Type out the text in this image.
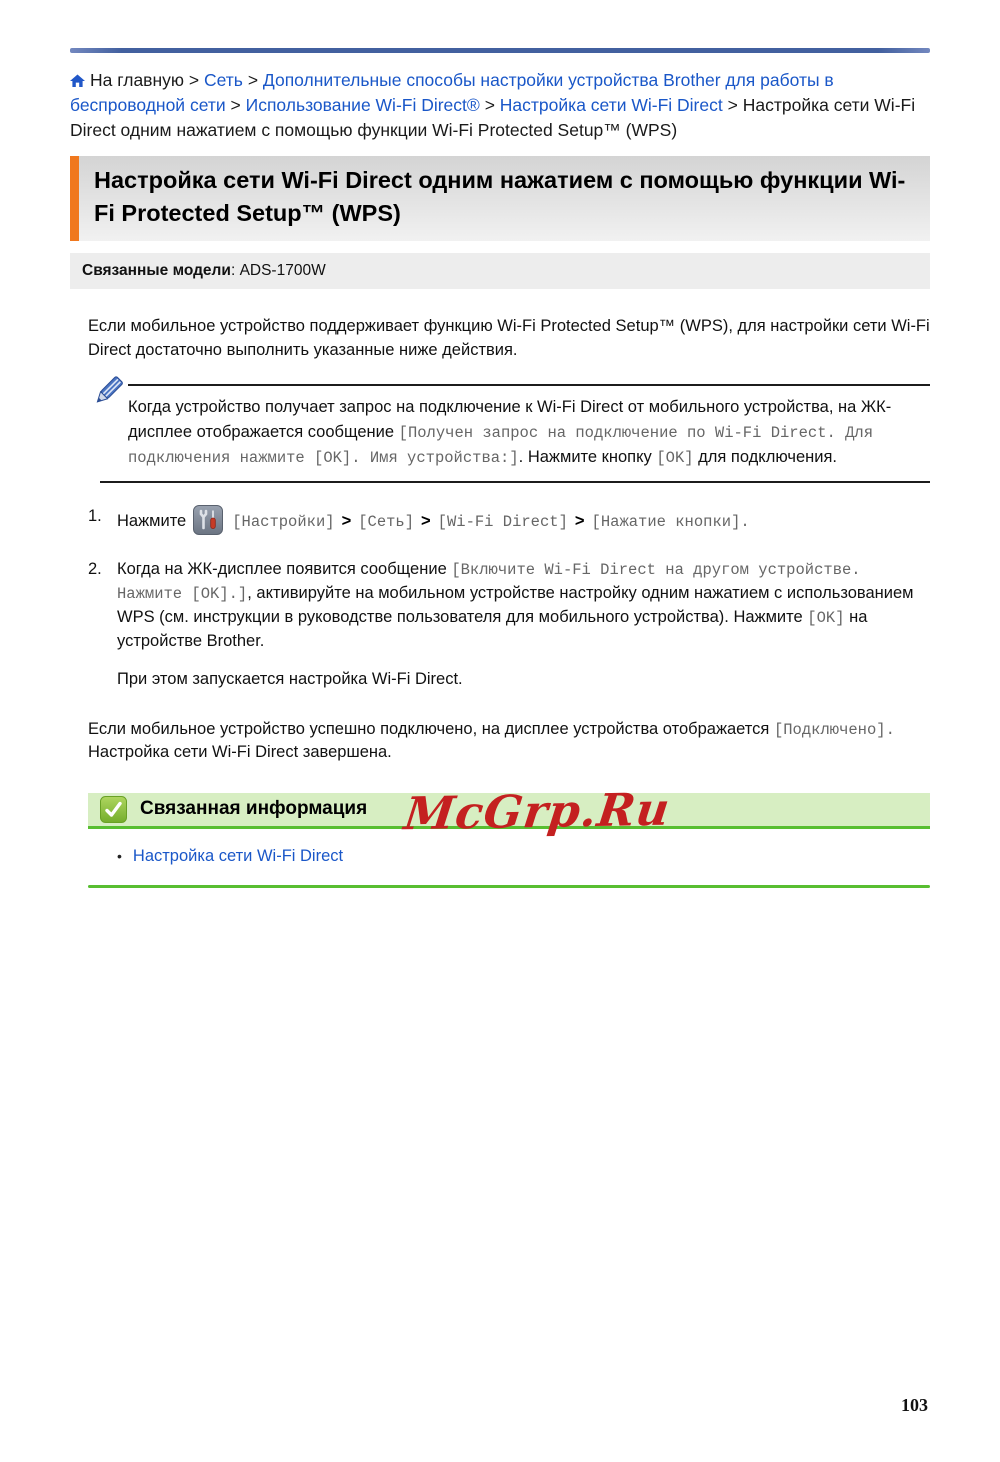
На главную > Сеть > Дополнительные способы настройки устройства Brother для работы в беспроводной сети > Использование Wi-Fi Direct® > Настройка сети Wi-Fi Direct > Настройка сети Wi-Fi Direct одним нажатием с помощью функции Wi-Fi Protected Setup™ (WPS)
Настройка сети Wi-Fi Direct одним нажатием с помощью функции Wi-Fi Protected Setup™ (WPS)
Связанные модели: ADS-1700W
Если мобильное устройство поддерживает функцию Wi-Fi Protected Setup™ (WPS), для настройки сети Wi-Fi Direct достаточно выполнить указанные ниже действия.
Когда устройство получает запрос на подключение к Wi-Fi Direct от мобильного устройства, на ЖК-дисплее отображается сообщение [Получен запрос на подключение по Wi-Fi Direct. Для подключения нажмите [OK]. Имя устройства:]. Нажмите кнопку [OK] для подключения.
1. Нажмите	[Настройки] > [Сеть] > [Wi-Fi Direct] > [Нажатие кнопки].
2. Когда на ЖК-дисплее появится сообщение [Включите Wi-Fi Direct на другом устройстве. Нажмите [OK].], активируйте на мобильном устройстве настройку одним нажатием с использованием WPS (см. инструкции в руководстве пользователя для мобильного устройства). Нажмите [OK] на устройстве Brother.
При этом запускается настройка Wi-Fi Direct.
Если мобильное устройство успешно подключено, на дисплее устройства отображается [Подключено]. Настройка сети Wi-Fi Direct завершена.
Связанная информация McGrp.Ru
• Настройка сети Wi-Fi Direct
103
